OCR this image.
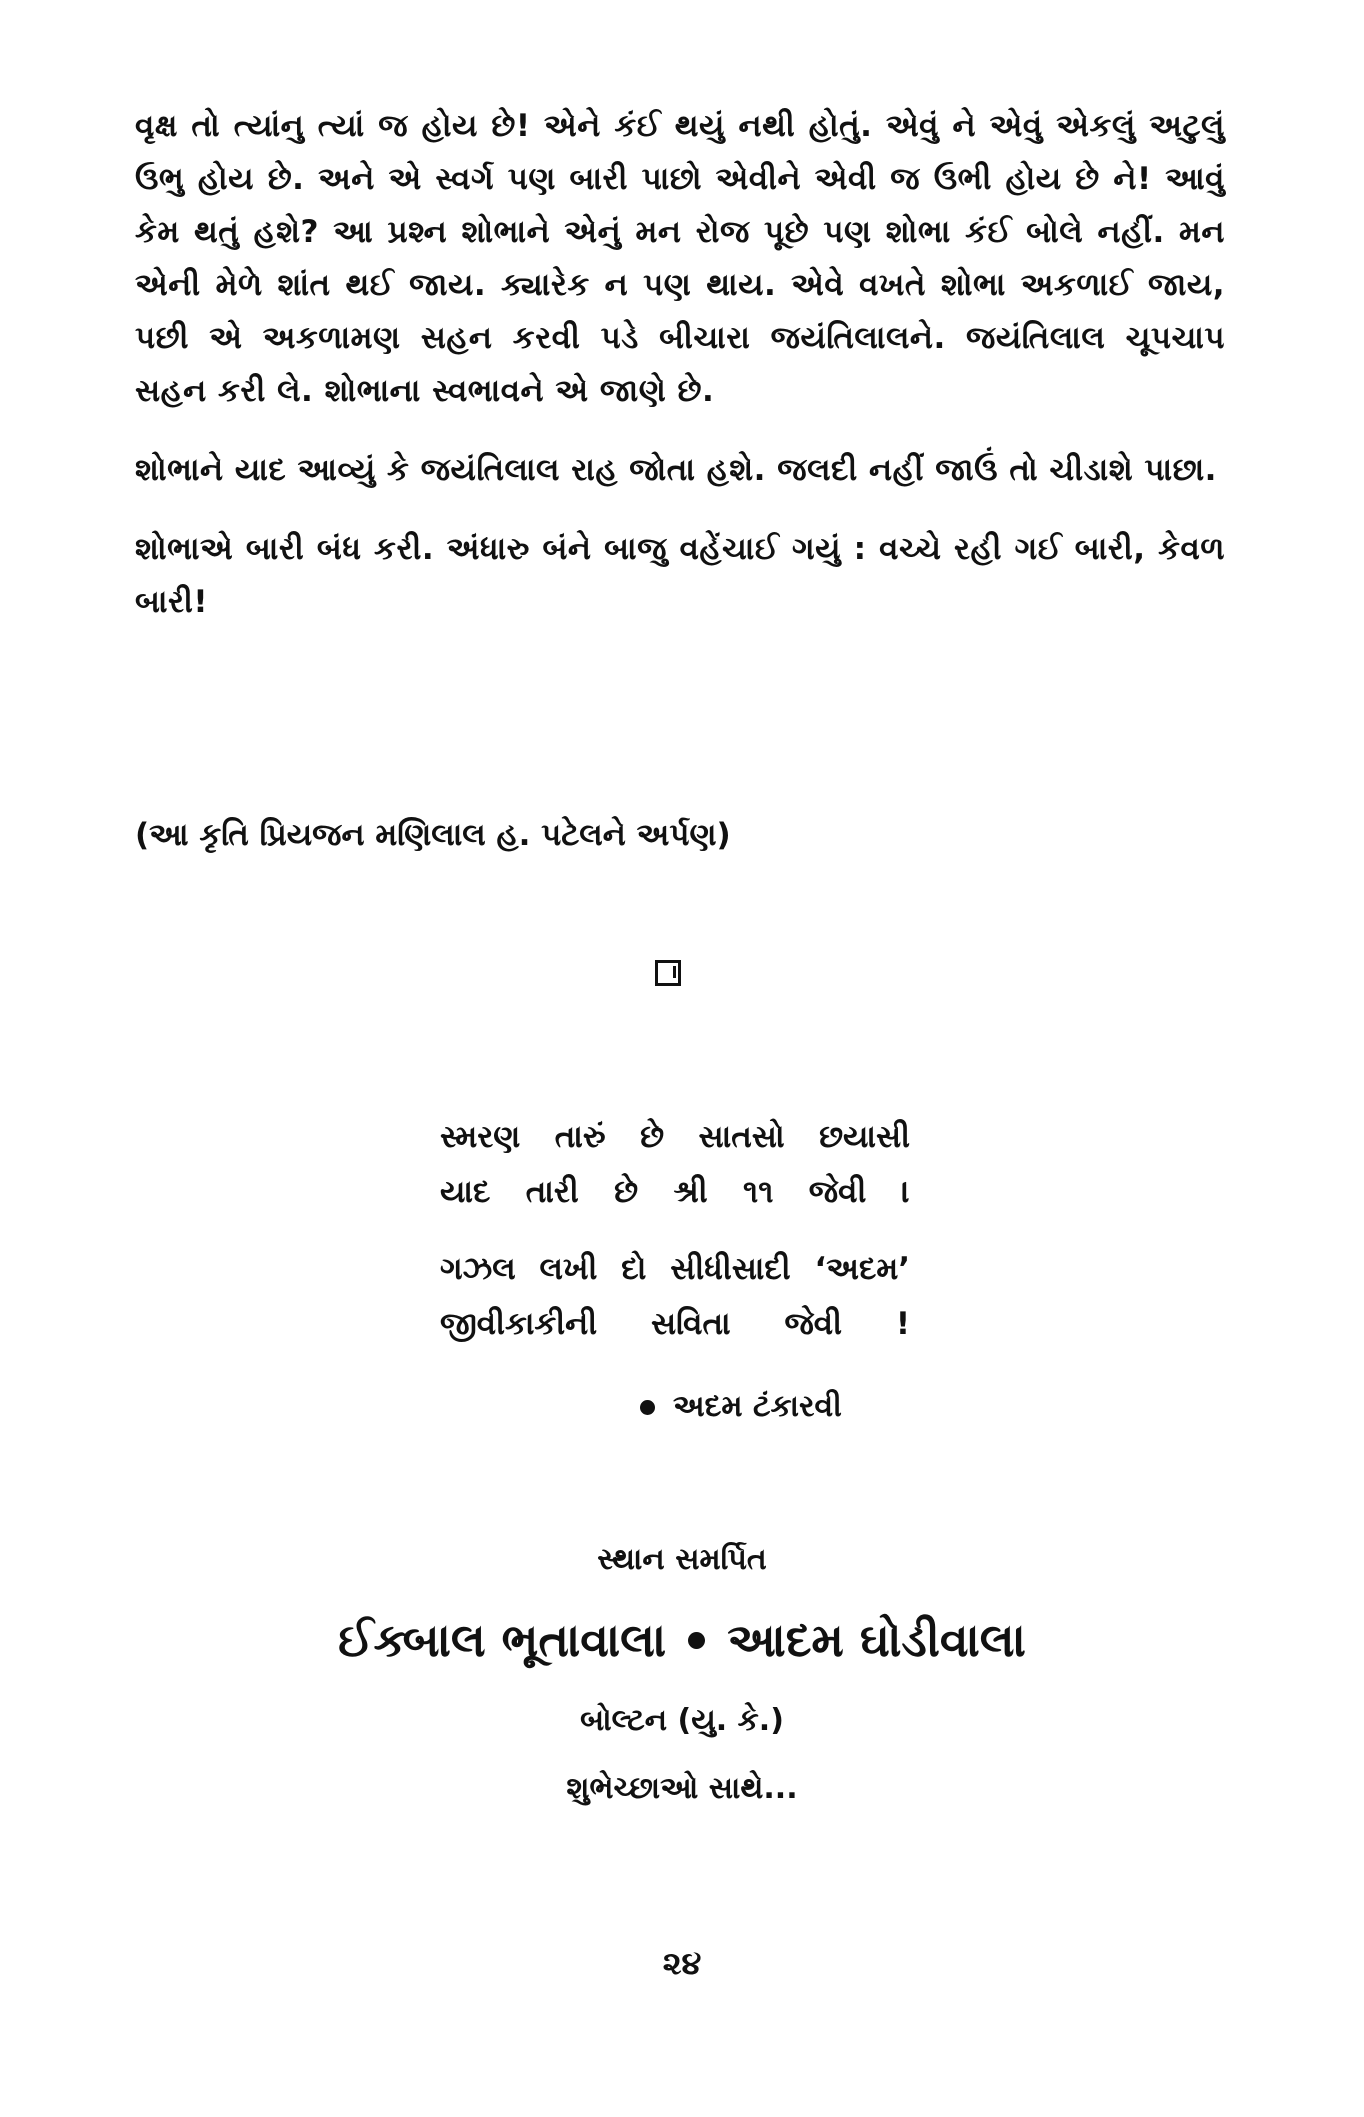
વૃક્ષ તો ત્યાંનુ ત્યાં જ હોય છે! એને કંઈ થયું નથી હોતું. એવું ને એવું એકલું અટુલું ઉભુ હોય છે. અને એ સ્વર્ગ પણ બારી પાછો એવીને એવી જ ઉભી હોય છે ને! આવું કેમ થતું હશે? આ પ્રશ્ન શોભાને એનું મન રોજ પૂછે પણ શોભા કંઈ બોલે નહીં. મન એની મેળે શાંત થઈ જાય. ક્યારેક ન પણ થાય. એવે વખતે શોભા અકળાઈ જાય, પછી એ અકળામણ સહન કરવી પડે બીચારા જયંતિલાલને. જયંતિલાલ ચૂપચાપ સહન કરી લે. શોભાના સ્વભાવને એ જાણે છે.

શોભાને યાદ આવ્યું કે જયંતિલાલ રાહ જોતા હશે. જલદી નહીં જાઉં તો ચીડાશે પાછા.

શોભાએ બારી બંધ કરી. અંધારુ બંને બાજુ વહેંચાઈ ગયું : વચ્ચે રહી ગઈ બારી, કેવળ બારી!

(આ કૃતિ પ્રિયજન મણિલાલ હ. પટેલને અર્પણ)
સ્મરણ તારું છે સાતસો છયાસી
યાદ તારી છે શ્રી ૧૧ જેવી ।
ગઝલ લખી દો સીધીસાદી ‘અદમ’
જીવીકાકીની સવિતા જેવી !
અદમ ટંકારવી
સ્થાન સમર્પિત
ઈક્બાલ ભૂતાવાલા આદમ ઘોડીવાલા
બોલ્ટન (યુ. કે.)
શુભેચ્છાઓ સાથે...
૨૪
